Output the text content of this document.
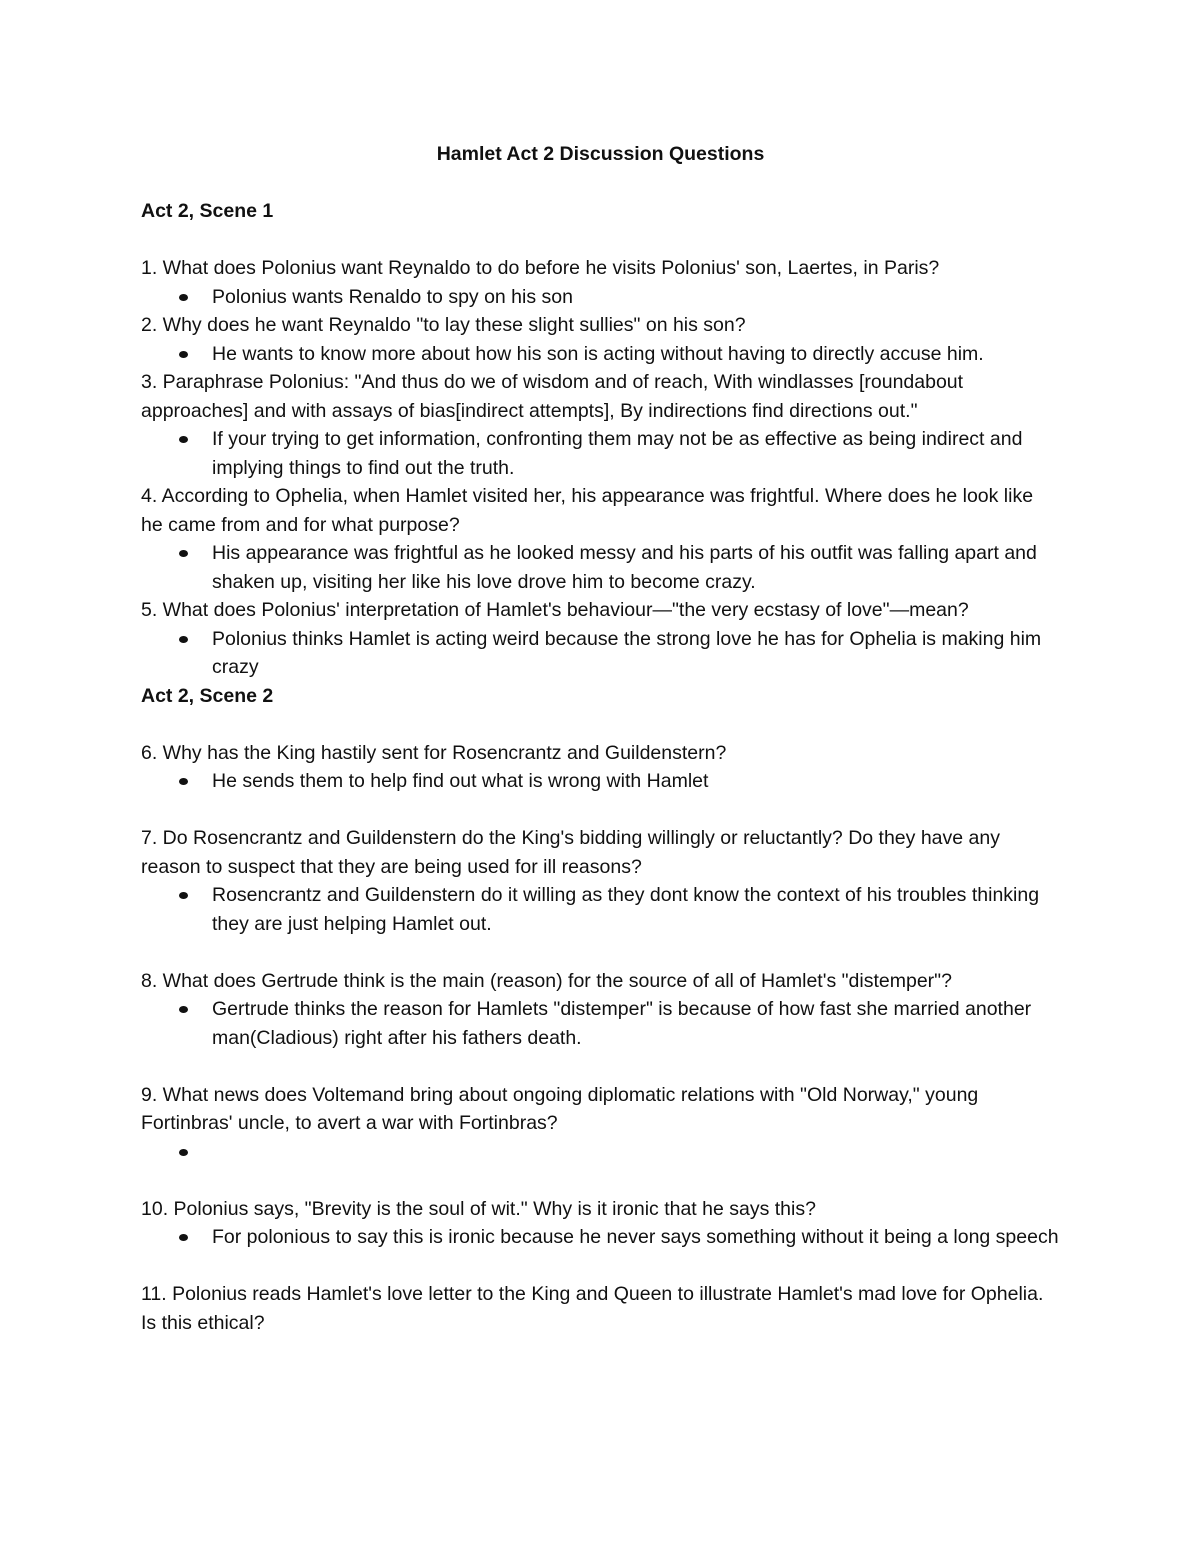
Hamlet Act 2 Discussion Questions
Act 2, Scene 1

1. What does Polonius want Reynaldo to do before he visits Polonius' son, Laertes, in Paris?

Polonius wants Renaldo to spy on his son

2. Why does he want Reynaldo "to lay these slight sullies" on his son?

He wants to know more about how his son is acting without having to directly accuse him.

3. Paraphrase Polonius: "And thus do we of wisdom and of reach, With windlasses [roundabout approaches] and with assays of bias[indirect attempts], By indirections find directions out."

If your trying to get information, confronting them may not be as effective as being indirect and implying things to find out the truth.

4. According to Ophelia, when Hamlet visited her, his appearance was frightful. Where does he look like he came from and for what purpose?

His appearance was frightful as he looked messy and his parts of his outfit was falling apart and shaken up, visiting her like his love drove him to become crazy.

5. What does Polonius' interpretation of Hamlet's behaviour—"the very ecstasy of love"—mean?

Polonius thinks Hamlet is acting weird because the strong love he has for Ophelia is making him crazy
Act 2, Scene 2

6. Why has the King hastily sent for Rosencrantz and Guildenstern?

He sends them to help find out what is wrong with Hamlet

7. Do Rosencrantz and Guildenstern do the King's bidding willingly or reluctantly? Do they have any reason to suspect that they are being used for ill reasons?

Rosencrantz and Guildenstern do it willing as they dont know the context of his troubles thinking they are just helping Hamlet out.

8. What does Gertrude think is the main (reason) for the source of all of Hamlet's "distemper"?

Gertrude thinks the reason for Hamlets "distemper" is because of how fast she married another man(Cladious) right after his fathers death.

9. What news does Voltemand bring about ongoing diplomatic relations with "Old Norway," young Fortinbras' uncle, to avert a war with Fortinbras?

10. Polonius says, "Brevity is the soul of wit." Why is it ironic that he says this?

For polonious to say this is ironic because he never says something without it being a long speech

11. Polonius reads Hamlet's love letter to the King and Queen to illustrate Hamlet's mad love for Ophelia. Is this ethical?
